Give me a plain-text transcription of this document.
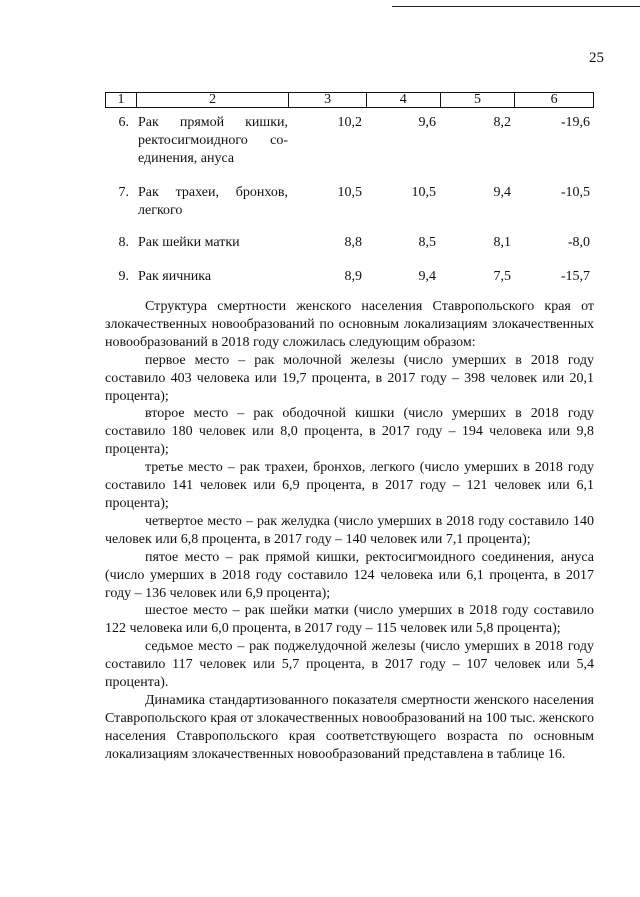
25
1	2	3	4	5	6
6. Рак прямой кишки,
ректосигмоидного со-
единения, ануса
10,2	9,6	8,2	-19,6
7. Рак трахеи, бронхов,
легкого
10,5	10,5	9,4	-10,5
8. Рак шейки матки	8,8	8,5	8,1	-8,0
9. Рак яичника	8,9	9,4	7,5	-15,7

Структура смертности женского населения Ставропольского края от злокачественных новообразований по основным локализациям злокачественных новообразований в 2018 году сложилась следующим образом:

первое место – рак молочной железы (число умерших в 2018 году составило 403 человека или 19,7 процента, в 2017 году – 398 человек или 20,1 процента);

второе место – рак ободочной кишки (число умерших в 2018 году составило 180 человек или 8,0 процента, в 2017 году – 194 человека или 9,8 процента);

третье место – рак трахеи, бронхов, легкого (число умерших в 2018 году составило 141 человек или 6,9 процента, в 2017 году – 121 человек или 6,1 процента);

четвертое место – рак желудка (число умерших в 2018 году составило 140 человек или 6,8 процента, в 2017 году – 140 человек или 7,1 процента);

пятое место – рак прямой кишки, ректосигмоидного соединения, ануса (число умерших в 2018 году составило 124 человека или 6,1 процента, в 2017 году – 136 человек или 6,9 процента);

шестое место – рак шейки матки (число умерших в 2018 году составило 122 человека или 6,0 процента, в 2017 году – 115 человек или 5,8 процента);

седьмое место – рак поджелудочной железы (число умерших в 2018 году составило 117 человек или 5,7 процента, в 2017 году – 107 человек или 5,4 процента).

Динамика стандартизованного показателя смертности женского населения Ставропольского края от злокачественных новообразований на 100 тыс. женского населения Ставропольского края соответствующего возраста по основным локализациям злокачественных новообразований представлена в таблице 16.
